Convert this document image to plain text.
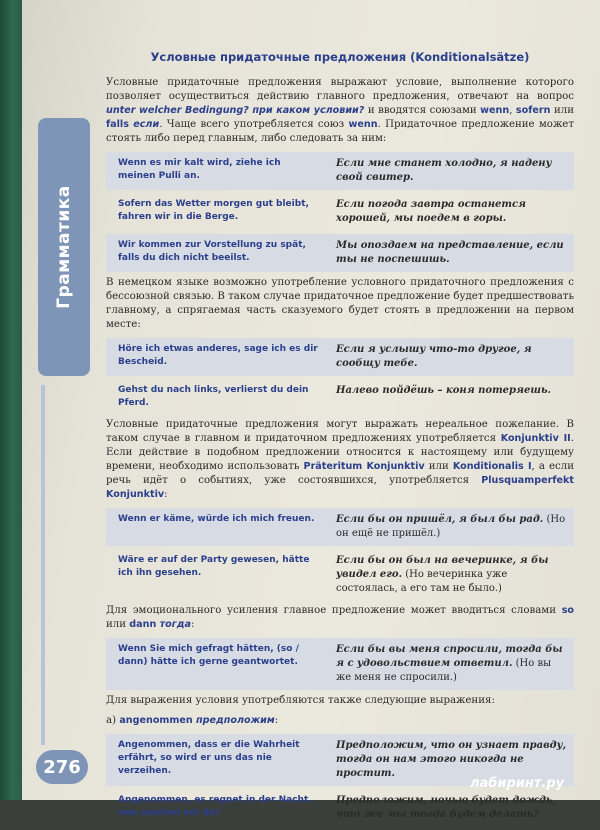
Грамматика
276
Условные придаточные предложения (Konditionalsätze)

Условные придаточные предложения выражают условие, выполнение которого позволяет осуществиться действию главного предложения, отвечают на вопрос unter welcher Bedingung? при каком условии? и вводятся союзами wenn, sofern или falls если. Чаще всего употребляется союз wenn. Придаточное предложение может стоять либо перед главным, либо следовать за ним:

Wenn es mir kalt wird, ziehe ich meinen Pulli an.
Если мне станет холодно, я надену свой свитер.
Sofern das Wetter morgen gut bleibt, fahren wir in die Berge.
Если погода завтра останется хорошей, мы поедем в горы.
Wir kommen zur Vorstellung zu spät, falls du dich nicht beeilst.
Мы опоздаем на представление, если ты не поспешишь.

В немецком языке возможно употребление условного придаточного предложения с бессоюзной связью. В таком случае придаточное предложение будет предшествовать главному, а спрягаемая часть сказуемого будет стоять в предложении на первом месте:

Höre ich etwas anderes, sage ich es dir Bescheid.
Если я услышу что-то другое, я сообщу тебе.
Gehst du nach links, verlierst du dein Pferd.
Налево пойдёшь – коня потеряешь.

Условные придаточные предложения могут выражать нереальное пожелание. В таком случае в главном и придаточном предложениях употребляется Konjunktiv II. Если действие в подобном предложении относится к настоящему или будущему времени, необходимо использовать Präteritum Konjunktiv или Konditionalis I, а если речь идёт о событиях, уже состоявшихся, употребляется Plusquamperfekt Konjunktiv:

Wenn er käme, würde ich mich freuen.	Если бы он пришёл, я был бы рад. (Но он ещё не пришёл.)
Wäre er auf der Party gewesen, hätte ich ihn gesehen.
Если бы он был на вечеринке, я бы увидел его. (Но вечеринка уже состоялась, а его там не было.)

Для эмоционального усиления главное предложение может вводиться словами so или dann тогда:

Wenn Sie mich gefragt hätten, (so / dann) hätte ich gerne geantwortet.
Если бы вы меня спросили, тогда бы я с удовольствием ответил. (Но вы же меня не спросили.)

Для выражения условия употребляются также следующие выражения:

а) angenommen предположим:

Angenommen, dass er die Wahrheit erfährt, so wird er uns das nie verzeihen.
Предположим, что он узнает правду, тогда он нам этого никогда не простит.
Angenommen, es regnet in der Nacht, was machen wir da?
Предположим, ночью будет дождь, что же мы тогда будем делать?
лабиринт.ру
